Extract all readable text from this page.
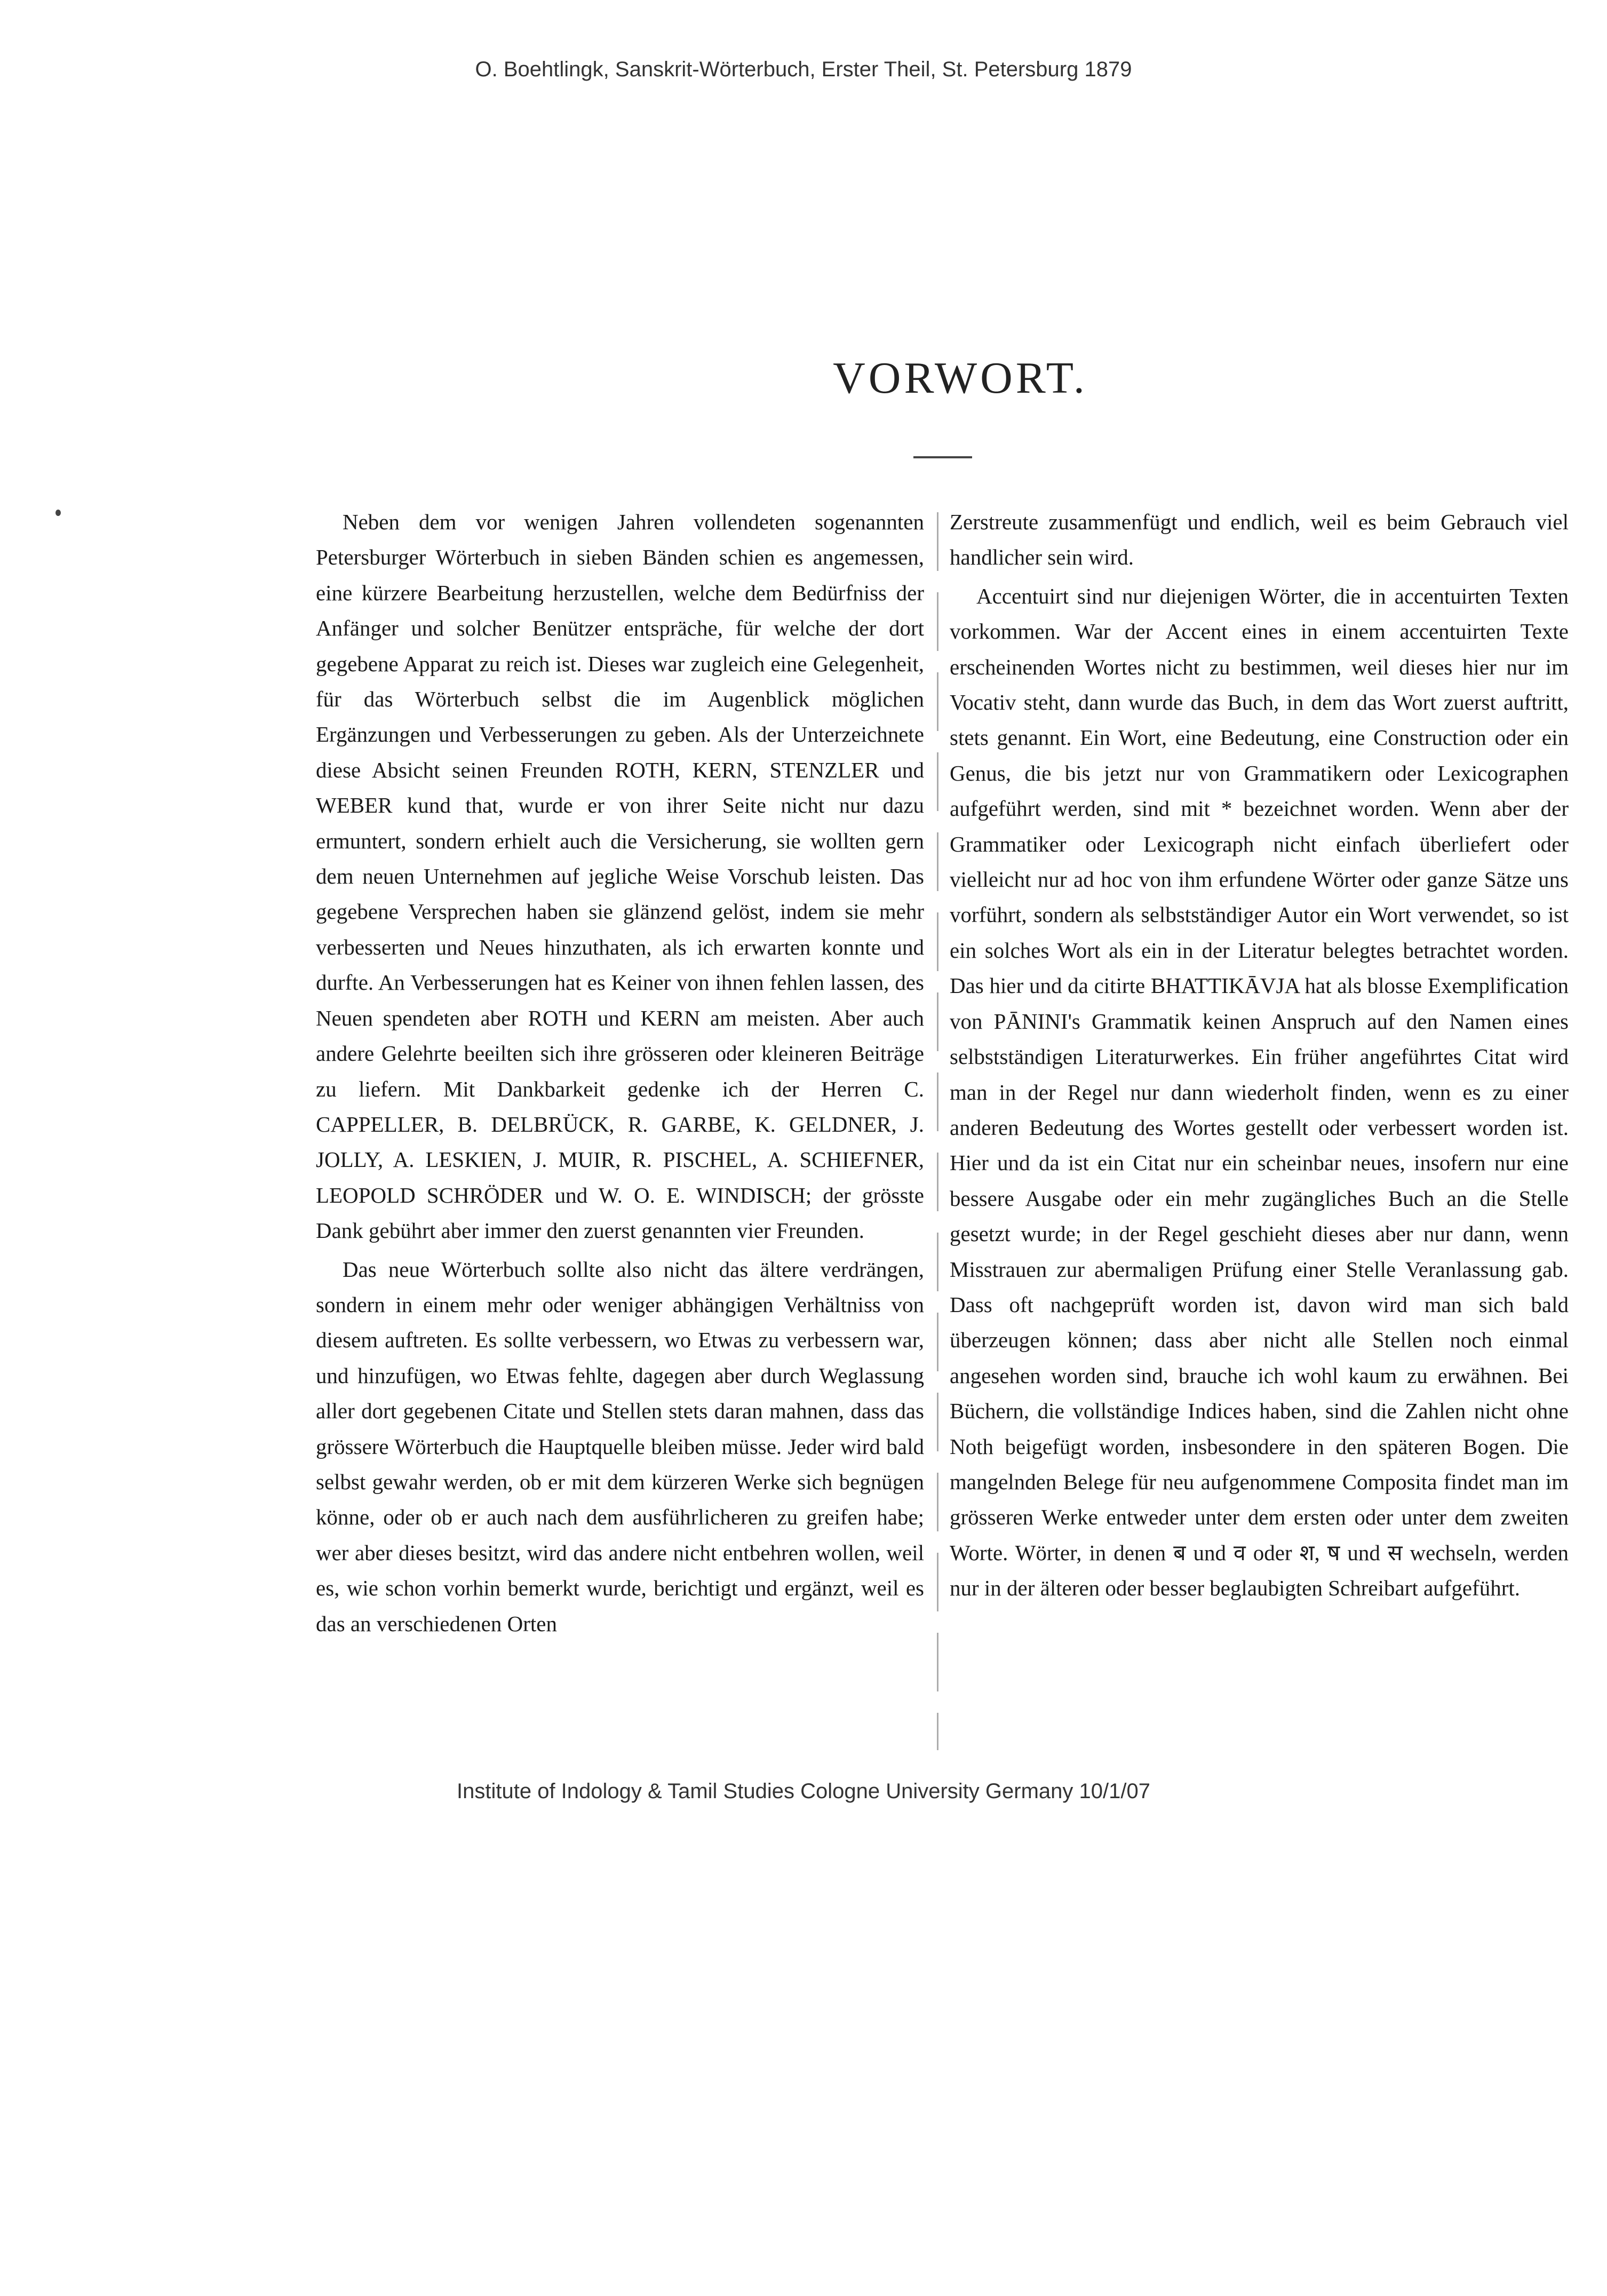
O. Boehtlingk, Sanskrit-Wörterbuch, Erster Theil, St. Petersburg 1879
VORWORT.

Neben dem vor wenigen Jahren vollendeten sogenannten Petersburger Wörterbuch in sieben Bänden schien es angemessen, eine kürzere Bearbeitung herzustellen, welche dem Bedürfniss der Anfänger und solcher Benützer entspräche, für welche der dort gegebene Apparat zu reich ist. Dieses war zugleich eine Gelegenheit, für das Wörterbuch selbst die im Augenblick möglichen Ergänzungen und Verbesserungen zu geben. Als der Unterzeichnete diese Absicht seinen Freunden ROTH, KERN, STENZLER und WEBER kund that, wurde er von ihrer Seite nicht nur dazu ermuntert, sondern erhielt auch die Versicherung, sie wollten gern dem neuen Unternehmen auf jegliche Weise Vorschub leisten. Das gegebene Versprechen haben sie glänzend gelöst, indem sie mehr verbesserten und Neues hinzuthaten, als ich erwarten konnte und durfte. An Verbesserungen hat es Keiner von ihnen fehlen lassen, des Neuen spendeten aber ROTH und KERN am meisten. Aber auch andere Gelehrte beeilten sich ihre grösseren oder kleineren Beiträge zu liefern. Mit Dankbarkeit gedenke ich der Herren C. CAPPELLER, B. DELBRÜCK, R. GARBE, K. GELDNER, J. JOLLY, A. LESKIEN, J. MUIR, R. PISCHEL, A. SCHIEFNER, LEOPOLD SCHRÖDER und W. O. E. WINDISCH; der grösste Dank gebührt aber immer den zuerst genannten vier Freunden.

Das neue Wörterbuch sollte also nicht das ältere verdrängen, sondern in einem mehr oder weniger abhängigen Verhältniss von diesem auftreten. Es sollte verbessern, wo Etwas zu verbessern war, und hinzufügen, wo Etwas fehlte, dagegen aber durch Weglassung aller dort gegebenen Citate und Stellen stets daran mahnen, dass das grössere Wörterbuch die Hauptquelle bleiben müsse. Jeder wird bald selbst gewahr werden, ob er mit dem kürzeren Werke sich begnügen könne, oder ob er auch nach dem ausführlicheren zu greifen habe; wer aber dieses besitzt, wird das andere nicht entbehren wollen, weil es, wie schon vorhin bemerkt wurde, berichtigt und ergänzt, weil es das an verschiedenen Orten

Zerstreute zusammenfügt und endlich, weil es beim Gebrauch viel handlicher sein wird.

Accentuirt sind nur diejenigen Wörter, die in accentuirten Texten vorkommen. War der Accent eines in einem accentuirten Texte erscheinenden Wortes nicht zu bestimmen, weil dieses hier nur im Vocativ steht, dann wurde das Buch, in dem das Wort zuerst auftritt, stets genannt. Ein Wort, eine Bedeutung, eine Construction oder ein Genus, die bis jetzt nur von Grammatikern oder Lexicographen aufgeführt werden, sind mit * bezeichnet worden. Wenn aber der Grammatiker oder Lexicograph nicht einfach überliefert oder vielleicht nur ad hoc von ihm erfundene Wörter oder ganze Sätze uns vorführt, sondern als selbstständiger Autor ein Wort verwendet, so ist ein solches Wort als ein in der Literatur belegtes betrachtet worden. Das hier und da citirte BHATTIKĀVJA hat als blosse Exemplification von PĀNINI's Grammatik keinen Anspruch auf den Namen eines selbstständigen Literaturwerkes. Ein früher angeführtes Citat wird man in der Regel nur dann wiederholt finden, wenn es zu einer anderen Bedeutung des Wortes gestellt oder verbessert worden ist. Hier und da ist ein Citat nur ein scheinbar neues, insofern nur eine bessere Ausgabe oder ein mehr zugängliches Buch an die Stelle gesetzt wurde; in der Regel geschieht dieses aber nur dann, wenn Misstrauen zur abermaligen Prüfung einer Stelle Veranlassung gab. Dass oft nachgeprüft worden ist, davon wird man sich bald überzeugen können; dass aber nicht alle Stellen noch einmal angesehen worden sind, brauche ich wohl kaum zu erwähnen. Bei Büchern, die vollständige Indices haben, sind die Zahlen nicht ohne Noth beigefügt worden, insbesondere in den späteren Bogen. Die mangelnden Belege für neu aufgenommene Composita findet man im grösseren Werke entweder unter dem ersten oder unter dem zweiten Worte. Wörter, in denen ब und व oder श, ष und स wechseln, werden nur in der älteren oder besser beglaubigten Schreibart aufgeführt.

Institute of Indology & Tamil Studies Cologne University Germany 10/1/07
